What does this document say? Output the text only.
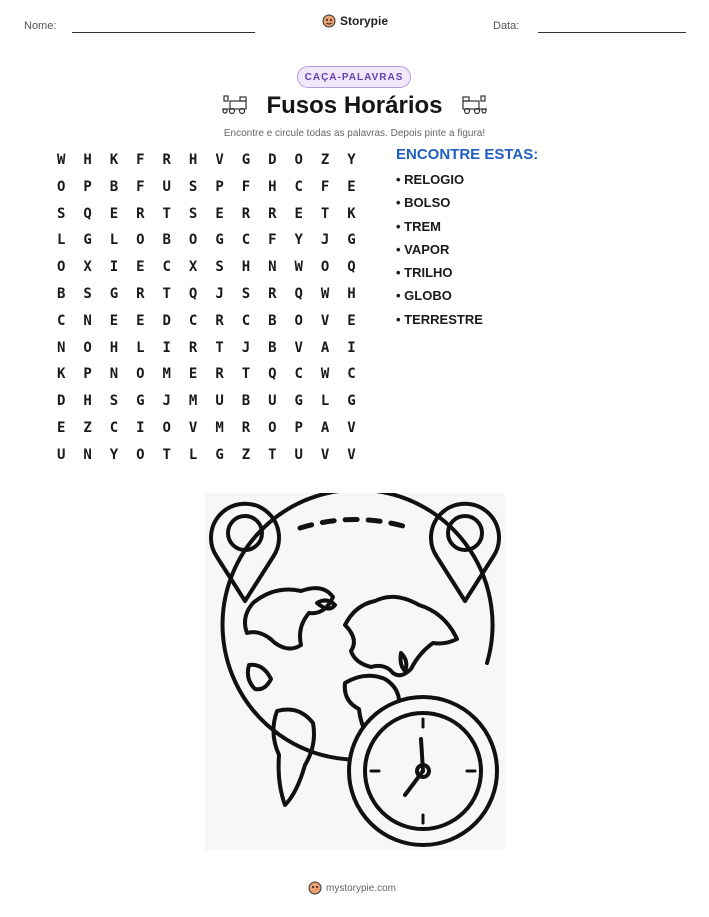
Nome:	Storypie	Data:
CAÇA-PALAVRAS
Fusos Horários
Encontre e circule todas as palavras. Depois pinte a figura!
W	H	K	F	R	H	V	G	D	O	Z	Y
O	P	B	F	U	S	P	F	H	C	F	E
S	Q	E	R	T	S	E	R	R	E	T	K
L	G	L	O	B	O	G	C	F	Y	J	G
O	X	I	E	C	X	S	H	N	W	O	Q
B	S	G	R	T	Q	J	S	R	Q	W	H
C	N	E	E	D	C	R	C	B	O	V	E
N	O	H	L	I	R	T	J	B	V	A	I
K	P	N	O	M	E	R	T	Q	C	W	C
D	H	S	G	J	M	U	B	U	G	L	G
E	Z	C	I	O	V	M	R	O	P	A	V
U	N	Y	O	T	L	G	Z	T	U	V	V
ENCONTRE ESTAS:
• RELOGIO
• BOLSO
• TREM
• VAPOR
• TRILHO
• GLOBO
• TERRESTRE
mystorypie.com
